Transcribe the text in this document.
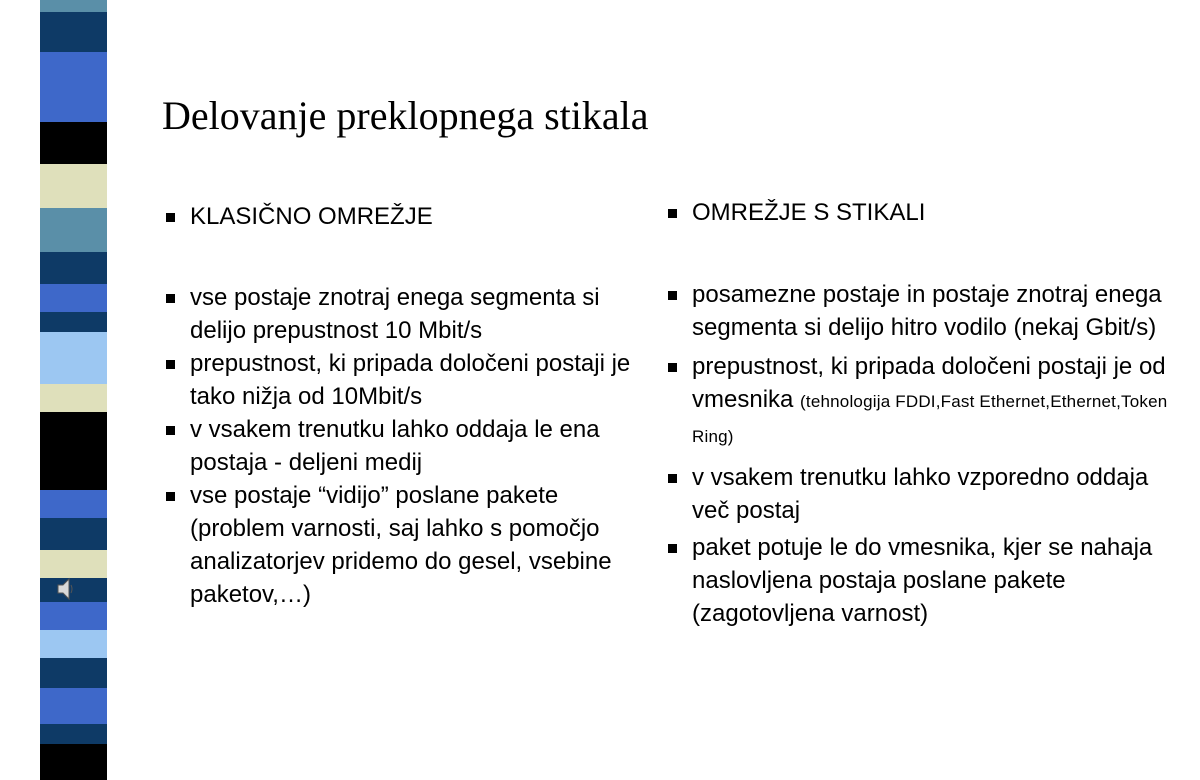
Delovanje preklopnega stikala
KLASIČNO OMREŽJE
vse postaje znotraj enega segmenta si delijo prepustnost 10 Mbit/s
prepustnost, ki pripada določeni postaji je tako nižja od 10Mbit/s
v vsakem trenutku lahko oddaja le ena postaja - deljeni medij
vse postaje “vidijo” poslane pakete (problem varnosti, saj lahko s pomočjo analizatorjev pridemo do gesel, vsebine paketov,…)
OMREŽJE S STIKALI
posamezne postaje in postaje znotraj enega segmenta si delijo hitro vodilo (nekaj Gbit/s)
prepustnost, ki pripada določeni postaji je od vmesnika (tehnologija FDDI,Fast Ethernet,Ethernet,Token Ring)
v vsakem trenutku lahko vzporedno oddaja več postaj
paket potuje le do vmesnika, kjer se nahaja naslovljena postaja poslane pakete (zagotovljena varnost)
